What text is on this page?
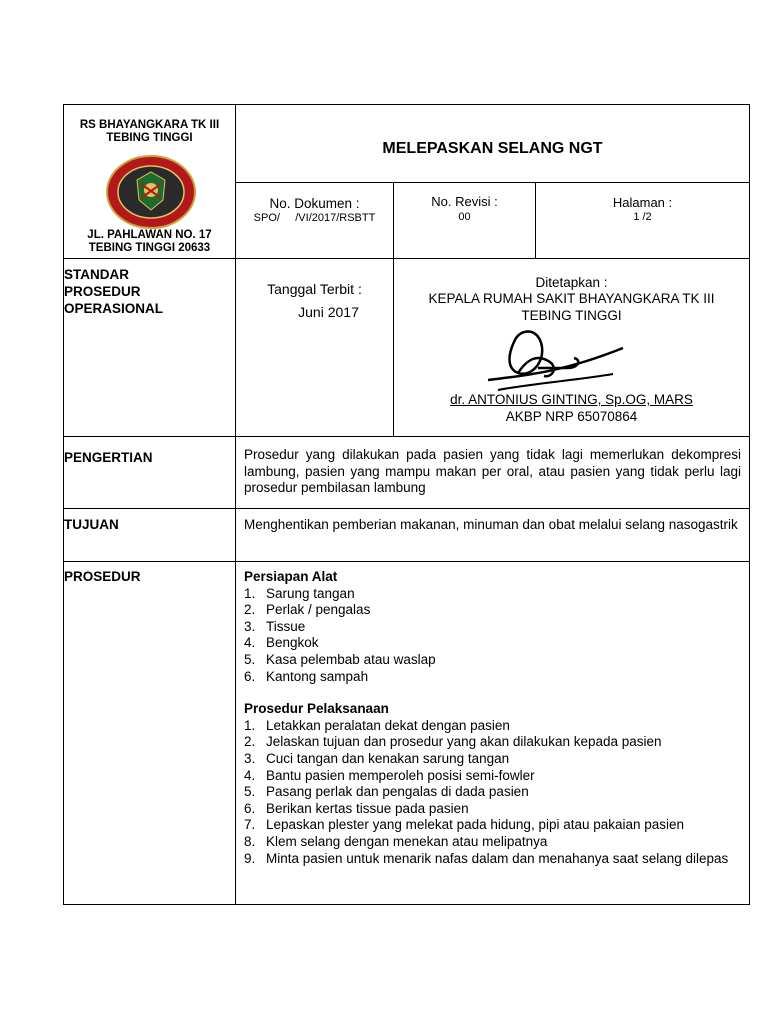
RS BHAYANGKARA TK III
TEBING TINGGI
JL. PAHLAWAN NO. 17
TEBING TINGGI 20633
MELEPASKAN SELANG NGT
No. Dokumen :
SPO/     /VI/2017/RSBTT
No. Revisi :
00
Halaman :
1 /2
STANDAR
PROSEDUR
OPERASIONAL
Tanggal Terbit :
Juni 2017
Ditetapkan :
KEPALA RUMAH SAKIT BHAYANGKARA TK III
TEBING TINGGI
dr. ANTONIUS GINTING, Sp.OG, MARS
AKBP NRP 65070864
PENGERTIAN	Prosedur yang dilakukan pada pasien yang tidak lagi memerlukan dekompresi lambung, pasien yang mampu makan per oral, atau pasien yang tidak perlu lagi prosedur pembilasan lambung
TUJUAN	Menghentikan pemberian makanan, minuman dan obat melalui selang nasogastrik
PROSEDUR	Persiapan Alat
1. Sarung tangan
2. Perlak / pengalas
3. Tissue
4. Bengkok
5. Kasa pelembab atau waslap
6. Kantong sampah
Prosedur Pelaksanaan
1. Letakkan peralatan dekat dengan pasien
2. Jelaskan tujuan dan prosedur yang akan dilakukan kepada pasien
3. Cuci tangan dan kenakan sarung tangan
4. Bantu pasien memperoleh posisi semi-fowler
5. Pasang perlak dan pengalas di dada pasien
6. Berikan kertas tissue pada pasien
7. Lepaskan plester yang melekat pada hidung, pipi atau pakaian pasien
8. Klem selang dengan menekan atau melipatnya
9. Minta pasien untuk menarik nafas dalam dan menahanya saat selang dilepas
